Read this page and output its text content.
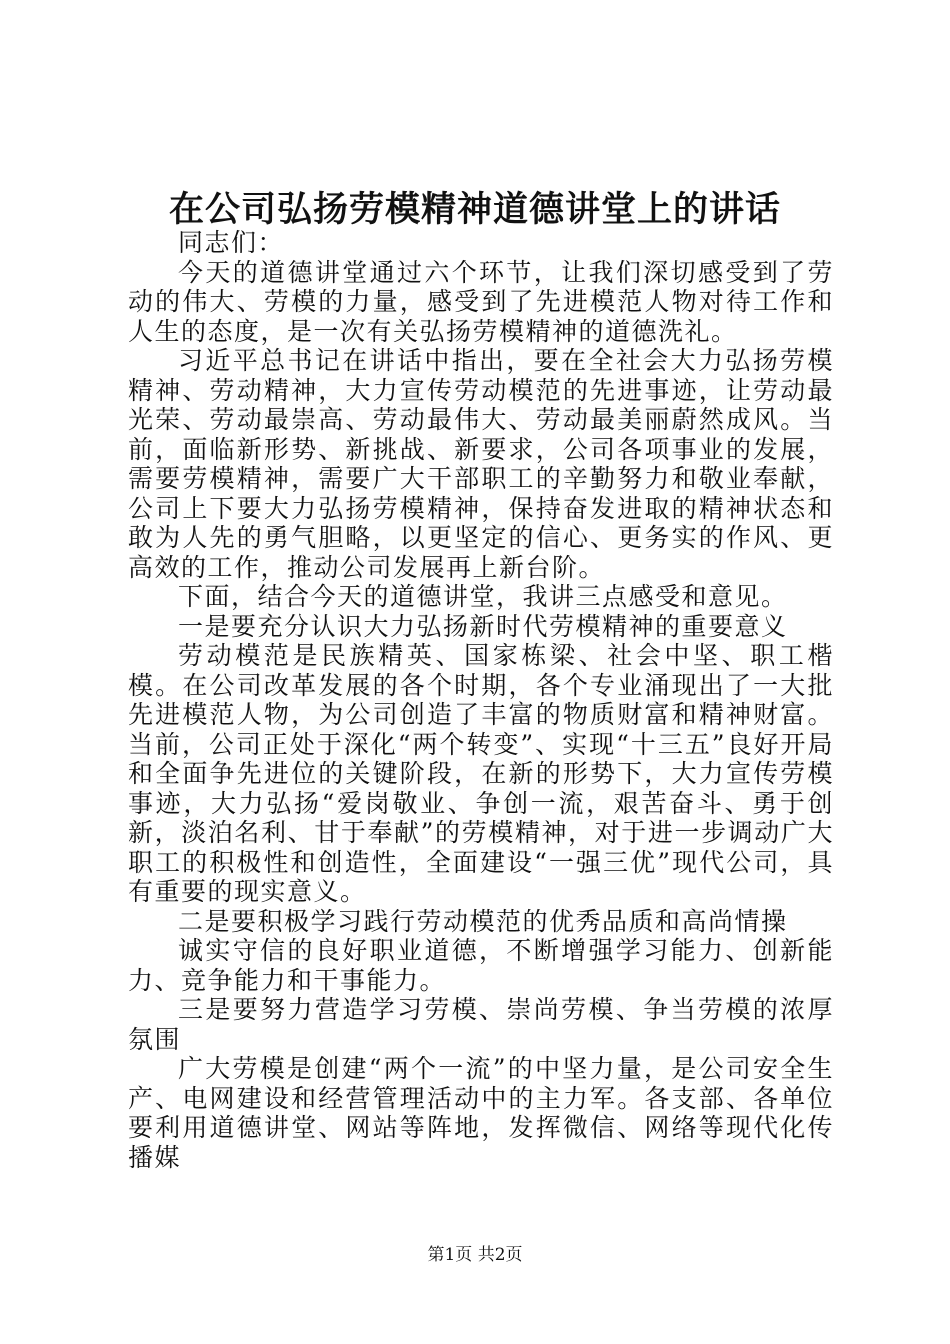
在公司弘扬劳模精神道德讲堂上的讲话

同志们：

今天的道德讲堂通过六个环节，让我们深切感受到了劳动的伟大、劳模的力量，感受到了先进模范人物对待工作和人生的态度，是一次有关弘扬劳模精神的道德洗礼。

习近平总书记在讲话中指出，要在全社会大力弘扬劳模精神、劳动精神，大力宣传劳动模范的先进事迹，让劳动最光荣、劳动最崇高、劳动最伟大、劳动最美丽蔚然成风。当前，面临新形势、新挑战、新要求，公司各项事业的发展，需要劳模精神，需要广大干部职工的辛勤努力和敬业奉献，公司上下要大力弘扬劳模精神，保持奋发进取的精神状态和敢为人先的勇气胆略，以更坚定的信心、更务实的作风、更高效的工作，推动公司发展再上新台阶。

下面，结合今天的道德讲堂，我讲三点感受和意见。

一是要充分认识大力弘扬新时代劳模精神的重要意义

劳动模范是民族精英、国家栋梁、社会中坚、职工楷模。在公司改革发展的各个时期，各个专业涌现出了一大批先进模范人物，为公司创造了丰富的物质财富和精神财富。当前，公司正处于深化“两个转变”、实现“十三五”良好开局和全面争先进位的关键阶段，在新的形势下，大力宣传劳模事迹，大力弘扬“爱岗敬业、争创一流，艰苦奋斗、勇于创新，淡泊名利、甘于奉献”的劳模精神，对于进一步调动广大职工的积极性和创造性，全面建设“一强三优”现代公司，具有重要的现实意义。

二是要积极学习践行劳动模范的优秀品质和高尚情操

诚实守信的良好职业道德，不断增强学习能力、创新能力、竞争能力和干事能力。

三是要努力营造学习劳模、崇尚劳模、争当劳模的浓厚氛围

广大劳模是创建“两个一流”的中坚力量，是公司安全生产、电网建设和经营管理活动中的主力军。各支部、各单位要利用道德讲堂、网站等阵地，发挥微信、网络等现代化传播媒

第1页 共2页
